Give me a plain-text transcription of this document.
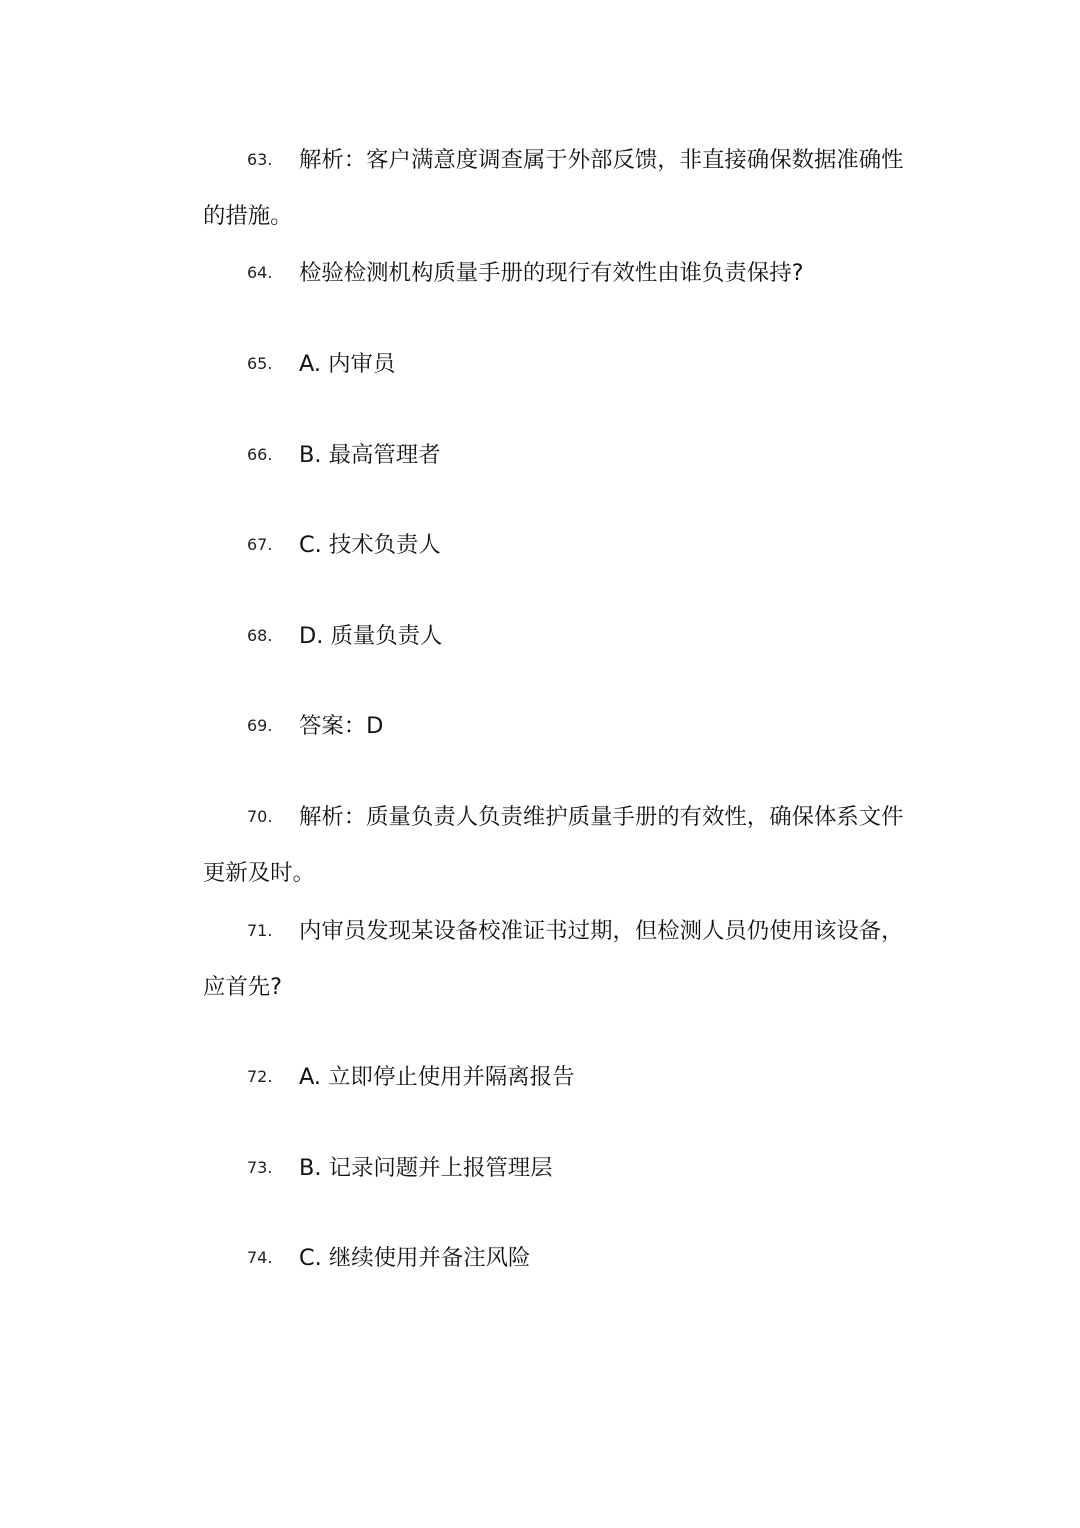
63.	解析：客户满意度调查属于外部反馈，非直接确保数据准确性的措施。
64.	检验检测机构质量手册的现行有效性由谁负责保持?
65.	A. 内审员
66.	B. 最高管理者
67.	C. 技术负责人
68.	D. 质量负责人
69.	答案：D
70.	解析：质量负责人负责维护质量手册的有效性，确保体系文件更新及时。
71.	内审员发现某设备校准证书过期，但检测人员仍使用该设备，应首先?
72.	A. 立即停止使用并隔离报告
73.	B. 记录问题并上报管理层
74.	C. 继续使用并备注风险
